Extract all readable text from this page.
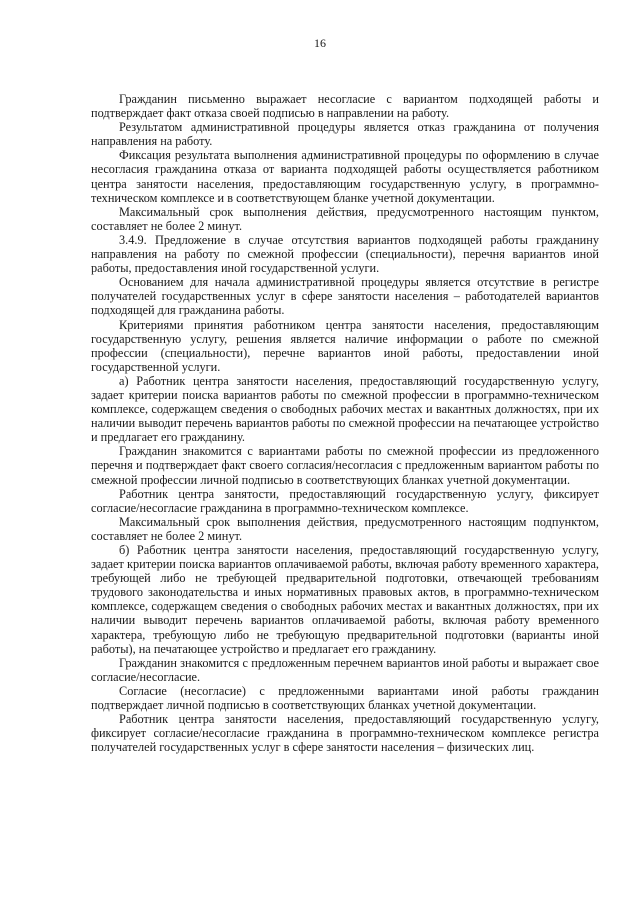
16

Гражданин письменно выражает несогласие с вариантом подходящей работы и подтверждает факт отказа своей подписью в направлении на работу.

Результатом административной процедуры является отказ гражданина от получения направления на работу.

Фиксация результата выполнения административной процедуры по оформлению в случае несогласия гражданина отказа от варианта подходящей работы осуществляется работником центра занятости населения, предоставляющим государственную услугу, в программно-техническом комплексе и в соответствующем бланке учетной документации.

Максимальный срок выполнения действия, предусмотренного настоящим пунктом, составляет не более 2 минут.

3.4.9. Предложение в случае отсутствия вариантов подходящей работы гражданину направления на работу по смежной профессии (специальности), перечня вариантов иной работы, предоставления иной государственной услуги.

Основанием для начала административной процедуры является отсутствие в регистре получателей государственных услуг в сфере занятости населения – работодателей вариантов подходящей для гражданина работы.

Критериями принятия работником центра занятости населения, предоставляющим государственную услугу, решения является наличие информации о работе по смежной профессии (специальности), перечне вариантов иной работы, предоставлении иной государственной услуги.

а) Работник центра занятости населения, предоставляющий государственную услугу, задает критерии поиска вариантов работы по смежной профессии в программно-техническом комплексе, содержащем сведения о свободных рабочих местах и вакантных должностях, при их наличии выводит перечень вариантов работы по смежной профессии на печатающее устройство и предлагает его гражданину.

Гражданин знакомится с вариантами работы по смежной профессии из предложенного перечня и подтверждает факт своего согласия/несогласия с предложенным вариантом работы по смежной профессии личной подписью в соответствующих бланках учетной документации.

Работник центра занятости, предоставляющий государственную услугу, фиксирует согласие/несогласие гражданина в программно-техническом комплексе.

Максимальный срок выполнения действия, предусмотренного настоящим подпунктом, составляет не более 2 минут.

б) Работник центра занятости населения, предоставляющий государственную услугу, задает критерии поиска вариантов оплачиваемой работы, включая работу временного характера, требующей либо не требующей предварительной подготовки, отвечающей требованиям трудового законодательства и иных нормативных правовых актов, в программно-техническом комплексе, содержащем сведения о свободных рабочих местах и вакантных должностях, при их наличии выводит перечень вариантов оплачиваемой работы, включая работу временного характера, требующую либо не требующую предварительной подготовки (варианты иной работы), на печатающее устройство и предлагает его гражданину.

Гражданин знакомится с предложенным перечнем вариантов иной работы и выражает свое согласие/несогласие.

Согласие (несогласие) с предложенными вариантами иной работы гражданин подтверждает личной подписью в соответствующих бланках учетной документации.

Работник центра занятости населения, предоставляющий государственную услугу, фиксирует согласие/несогласие гражданина в программно-техническом комплексе регистра получателей государственных услуг в сфере занятости населения – физических лиц.
